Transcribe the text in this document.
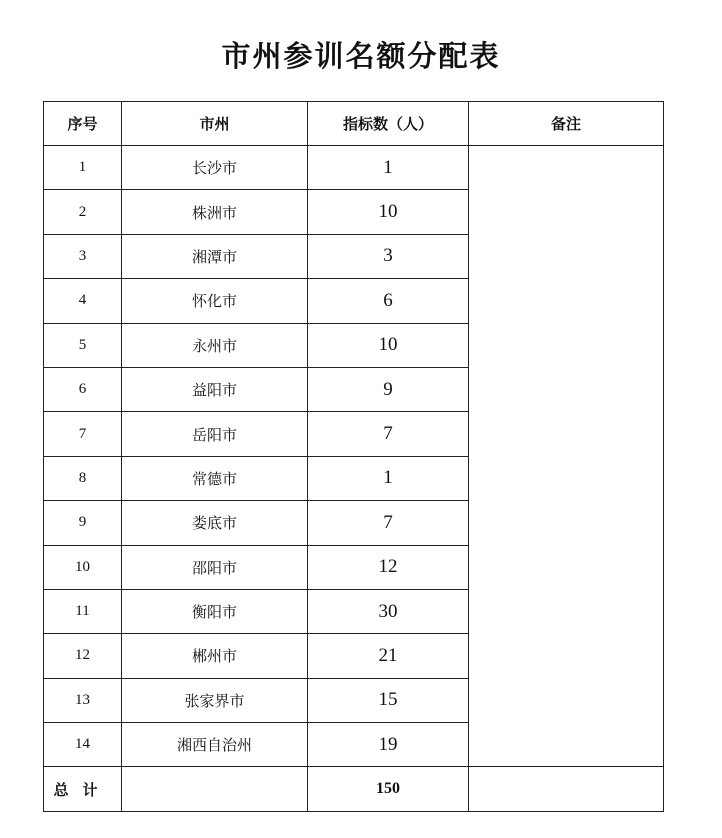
市州参训名额分配表
序号	市州	指标数（人）	备注
1	长沙市	1	
2	株洲市	10	
3	湘潭市	3	
4	怀化市	6	
5	永州市	10	
6	益阳市	9	
7	岳阳市	7	
8	常德市	1	
9	娄底市	7	
10	邵阳市	12	
11	衡阳市	30	
12	郴州市	21	
13	张家界市	15	
14	湘西自治州	19	
总计		150	
